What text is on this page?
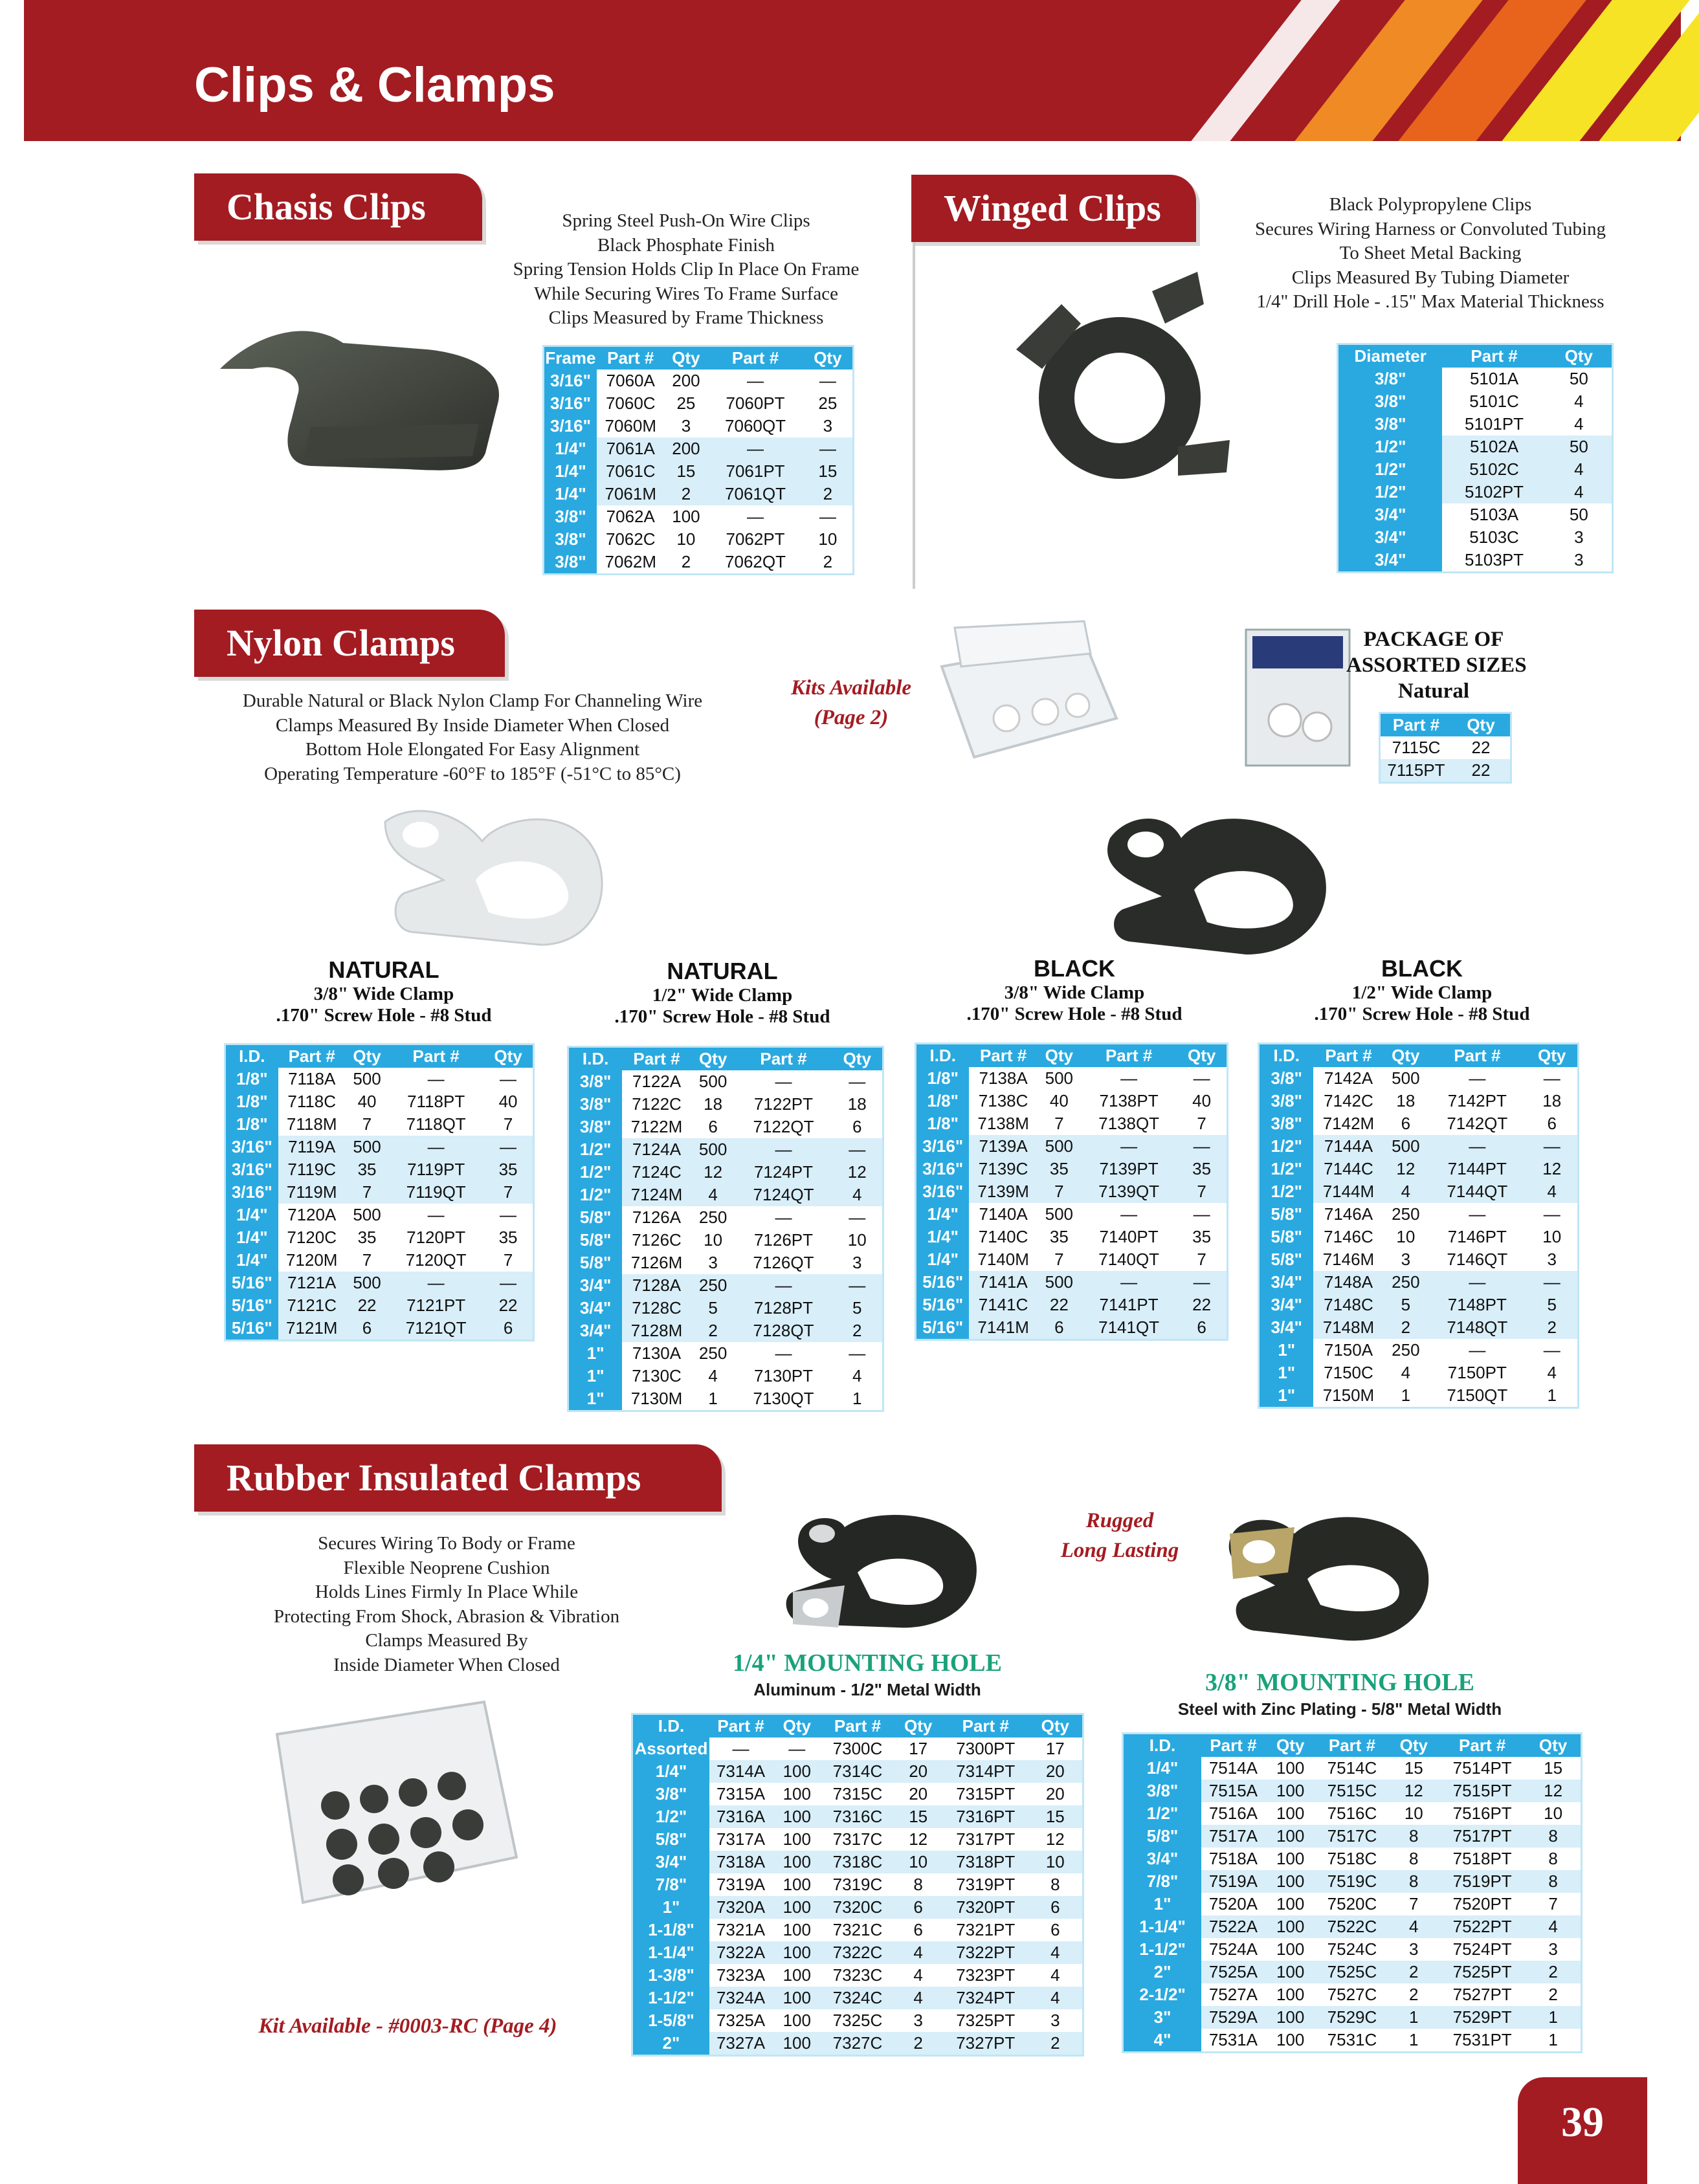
Clips & Clamps
Chasis Clips	Spring Steel Push-On Wire Clips
Black Phosphate Finish
Spring Tension Holds Clip In Place On Frame
While Securing Wires To Frame Surface
Clips Measured by Frame Thickness
Frame Part #	Qty	Part #	Qty
3/16" 7060A	200	—	—
3/16" 7060C	25	7060PT	25
3/16" 7060M	3	7060QT	3
1/4"	7061A	200	—	—
1/4"	7061C	15	7061PT	15
1/4"	7061M	2	7061QT	2
3/8"	7062A	100	—	—
3/8"	7062C	10	7062PT	10
3/8"	7062M	2	7062QT	2
Winged Clips	Black Polypropylene Clips
Secures Wiring Harness or Convoluted Tubing
To Sheet Metal Backing
Clips Measured By Tubing Diameter
1/4" Drill Hole - .15" Max Material Thickness
Diameter	Part #	Qty
3/8"	5101A	50
3/8"	5101C	4
3/8"	5101PT	4
1/2"	5102A	50
1/2"	5102C	4
1/2"	5102PT	4
3/4"	5103A	50
3/4"	5103C	3
3/4"	5103PT	3
Nylon Clamps
Durable Natural or Black Nylon Clamp For Channeling Wire
Clamps Measured By Inside Diameter When Closed
Bottom Hole Elongated For Easy Alignment
Operating Temperature -60°F to 185°F (-51°C to 85°C)
Kits Available
(Page 2)
PACKAGE OF
ASSORTED SIZES
Natural
Part #	Qty
7115C	22
7115PT	22
NATURAL
3/8" Wide Clamp
.170" Screw Hole - #8 Stud
NATURAL
1/2" Wide Clamp
.170" Screw Hole - #8 Stud
BLACK
3/8" Wide Clamp
.170" Screw Hole - #8 Stud
BLACK
1/2" Wide Clamp
.170" Screw Hole - #8 Stud
I.D.	Part #	Qty	Part #	Qty
1/8"	7118A	500	—	—
1/8"	7118C	40	7118PT	40
1/8"	7118M	7	7118QT	7
3/16" 7119A	500	—	—
3/16" 7119C	35	7119PT	35
3/16" 7119M	7	7119QT	7
1/4"	7120A	500	—	—
1/4"	7120C	35	7120PT	35
1/4"	7120M	7	7120QT	7
5/16" 7121A	500	—	—
5/16" 7121C	22	7121PT	22
5/16" 7121M	6	7121QT	6
I.D.	Part #	Qty	Part #	Qty
3/8"	7122A	500	—	—
3/8"	7122C	18	7122PT	18
3/8"	7122M	6	7122QT	6
1/2"	7124A	500	—	—
1/2"	7124C	12	7124PT	12
1/2"	7124M	4	7124QT	4
5/8"	7126A	250	—	—
5/8"	7126C	10	7126PT	10
5/8"	7126M	3	7126QT	3
3/4"	7128A	250	—	—
3/4"	7128C	5	7128PT	5
3/4"	7128M	2	7128QT	2
1"	7130A	250	—	—
1"	7130C	4	7130PT	4
1"	7130M	1	7130QT	1
I.D.	Part #	Qty	Part #	Qty
1/8"	7138A	500	—	—
1/8"	7138C	40	7138PT	40
1/8"	7138M	7	7138QT	7
3/16" 7139A	500	—	—
3/16" 7139C	35	7139PT	35
3/16" 7139M	7	7139QT	7
1/4"	7140A	500	—	—
1/4"	7140C	35	7140PT	35
1/4"	7140M	7	7140QT	7
5/16" 7141A	500	—	—
5/16" 7141C	22	7141PT	22
5/16" 7141M	6	7141QT	6
I.D.	Part #	Qty	Part #	Qty
3/8"	7142A	500	—	—
3/8"	7142C	18	7142PT	18
3/8"	7142M	6	7142QT	6
1/2"	7144A	500	—	—
1/2"	7144C	12	7144PT	12
1/2"	7144M	4	7144QT	4
5/8"	7146A	250	—	—
5/8"	7146C	10	7146PT	10
5/8"	7146M	3	7146QT	3
3/4"	7148A	250	—	—
3/4"	7148C	5	7148PT	5
3/4"	7148M	2	7148QT	2
1"	7150A	250	—	—
1"	7150C	4	7150PT	4
1"	7150M	1	7150QT	1
Rubber Insulated Clamps
Secures Wiring To Body or Frame
Flexible Neoprene Cushion
Holds Lines Firmly In Place While
Protecting From Shock, Abrasion & Vibration
Clamps Measured By
Inside Diameter When Closed
Kit Available - #0003-RC (Page 4)
Rugged
Long Lasting
1/4" MOUNTING HOLE
Aluminum - 1/2" Metal Width	3/8" MOUNTING HOLE
Steel with Zinc Plating - 5/8" Metal Width
I.D.	Part #	Qty	Part #	Qty	Part #	Qty
Assorted	—	—	7300C	17	7300PT	17
1/4"	7314A	100	7314C	20	7314PT	20
3/8"	7315A	100	7315C	20	7315PT	20
1/2"	7316A	100	7316C	15	7316PT	15
5/8"	7317A	100	7317C	12	7317PT	12
3/4"	7318A	100	7318C	10	7318PT	10
7/8"	7319A	100	7319C	8	7319PT	8
1"	7320A	100	7320C	6	7320PT	6
1-1/8"	7321A	100	7321C	6	7321PT	6
1-1/4"	7322A	100	7322C	4	7322PT	4
1-3/8"	7323A	100	7323C	4	7323PT	4
1-1/2"	7324A	100	7324C	4	7324PT	4
1-5/8"	7325A	100	7325C	3	7325PT	3
2"	7327A	100	7327C	2	7327PT	2
I.D.	Part #	Qty	Part #	Qty	Part #	Qty
1/4"	7514A	100	7514C	15	7514PT	15
3/8"	7515A	100	7515C	12	7515PT	12
1/2"	7516A	100	7516C	10	7516PT	10
5/8"	7517A	100	7517C	8	7517PT	8
3/4"	7518A	100	7518C	8	7518PT	8
7/8"	7519A	100	7519C	8	7519PT	8
1"	7520A	100	7520C	7	7520PT	7
1-1/4"	7522A	100	7522C	4	7522PT	4
1-1/2"	7524A	100	7524C	3	7524PT	3
2"	7525A	100	7525C	2	7525PT	2
2-1/2"	7527A	100	7527C	2	7527PT	2
3"	7529A	100	7529C	1	7529PT	1
4"	7531A	100	7531C	1	7531PT	1
39
